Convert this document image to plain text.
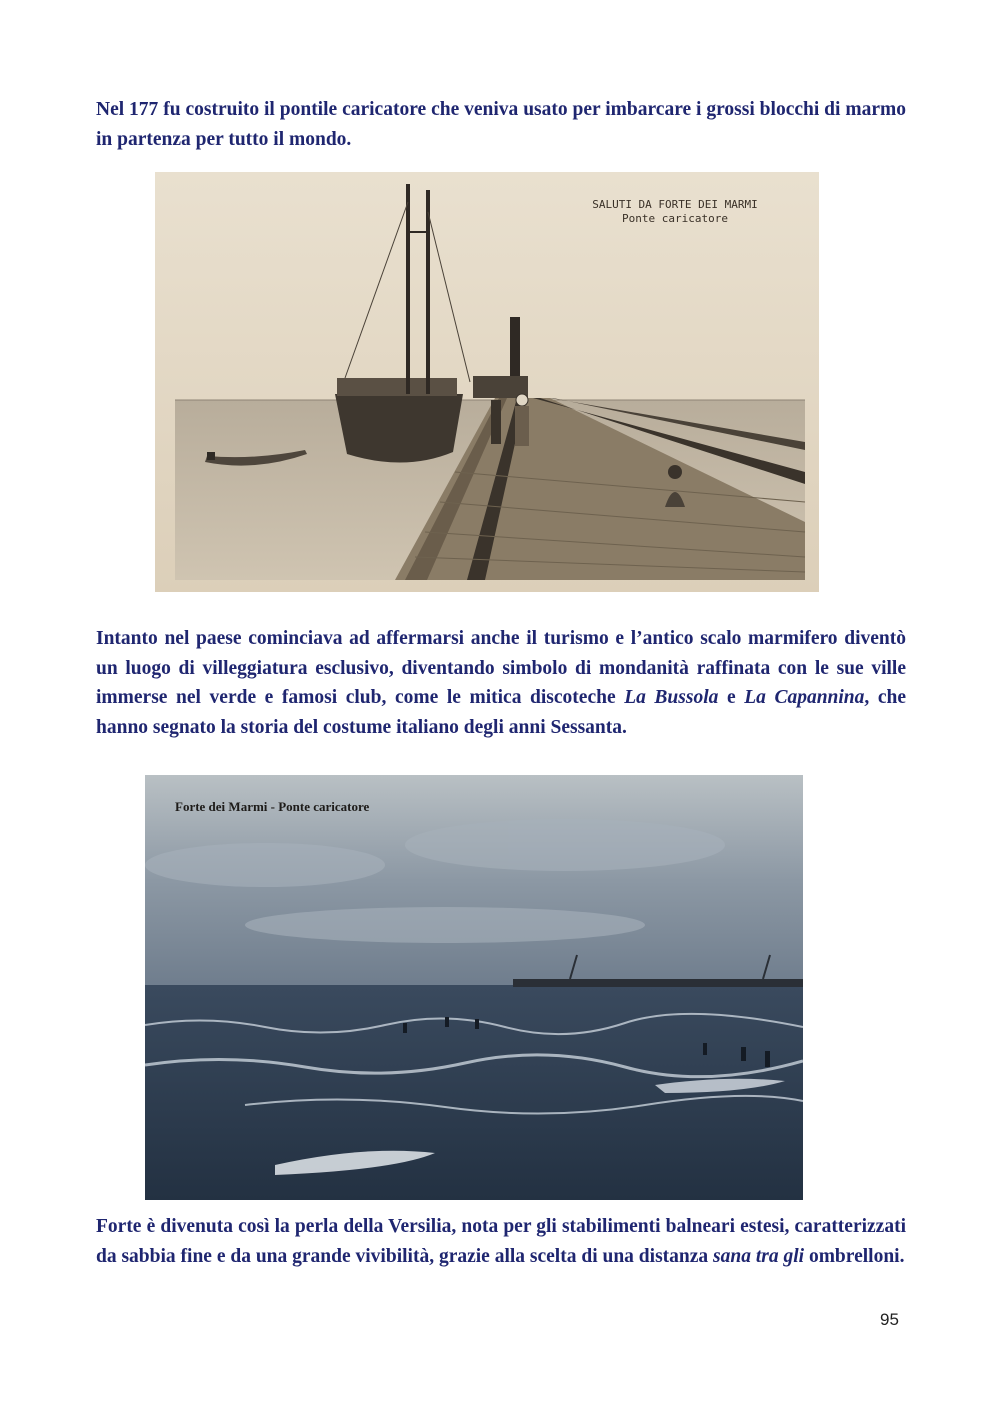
Nel 177 fu costruito il pontile caricatore che veniva usato per imbarcare i grossi blocchi di marmo in partenza per tutto il mondo.

SALUTI DA FORTE DEI MARMI
Ponte caricatore

Intanto nel paese cominciava ad affermarsi anche il turismo e l’antico scalo marmifero diventò un luogo di villeggiatura esclusivo, diventando simbolo di mondanità raffinata con le sue ville immerse nel verde e famosi club, come le mitica discoteche La Bussola e La Capannina, che hanno segnato la storia del costume italiano degli anni Sessanta.

Forte dei Marmi - Ponte caricatore

Forte è divenuta così la perla della Versilia, nota per gli stabilimenti balneari estesi, caratterizzati da sabbia fine e da una grande vivibilità, grazie alla scelta di una distanza sana tra gli ombrelloni.

95
